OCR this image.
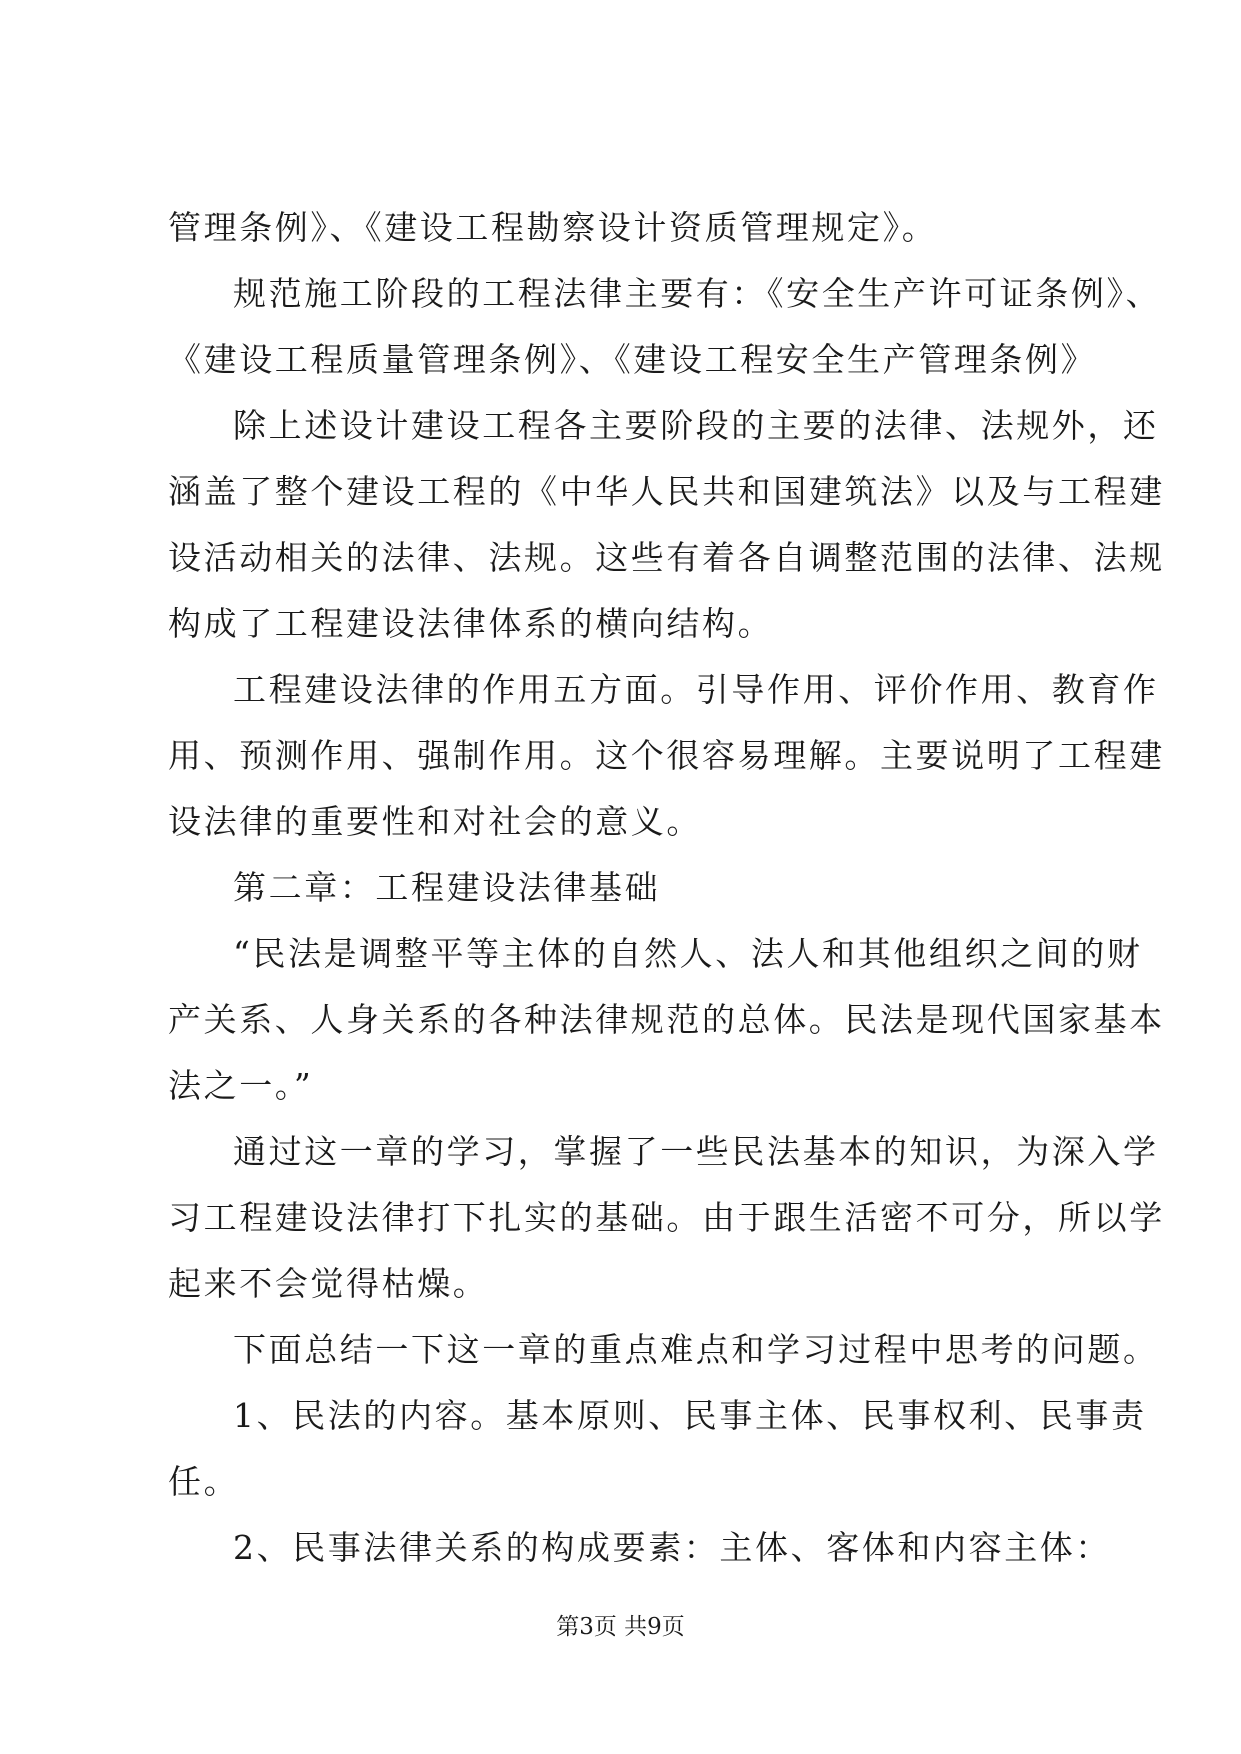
管理条例》、《建设工程勘察设计资质管理规定》。
规范施工阶段的工程法律主要有：《安全生产许可证条例》、
《建设工程质量管理条例》、《建设工程安全生产管理条例》
除上述设计建设工程各主要阶段的主要的法律、法规外，还
涵盖了整个建设工程的《中华人民共和国建筑法》以及与工程建
设活动相关的法律、法规。这些有着各自调整范围的法律、法规
构成了工程建设法律体系的横向结构。
工程建设法律的作用五方面。引导作用、评价作用、教育作
用、预测作用、强制作用。这个很容易理解。主要说明了工程建
设法律的重要性和对社会的意义。
第二章：工程建设法律基础
“民法是调整平等主体的自然人、法人和其他组织之间的财
产关系、人身关系的各种法律规范的总体。民法是现代国家基本
法之一。”
通过这一章的学习，掌握了一些民法基本的知识，为深入学
习工程建设法律打下扎实的基础。由于跟生活密不可分，所以学
起来不会觉得枯燥。
下面总结一下这一章的重点难点和学习过程中思考的问题。
1、民法的内容。基本原则、民事主体、民事权利、民事责
任。
2、民事法律关系的构成要素：主体、客体和内容主体：
第3页 共9页
